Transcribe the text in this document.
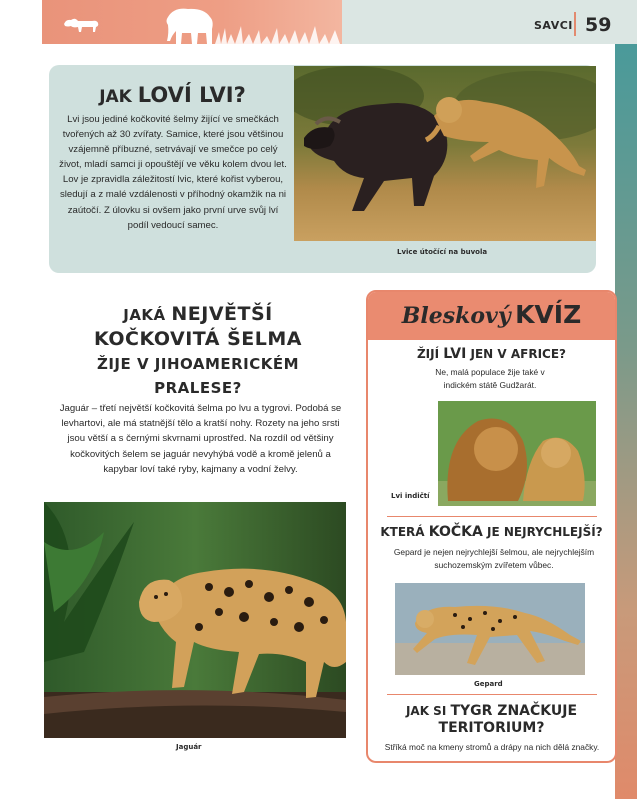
SAVCI 59
JAK LOVÍ LVI?
Lvi jsou jediné kočkovité šelmy žijící ve smečkách tvořených až 30 zvířaty. Samice, které jsou většinou vzájemně příbuzné, setrvávají ve smečce po celý život, mladí samci ji opouštějí ve věku kolem dvou let. Lov je zpravidla záležitostí lvic, které kořist vyberou, sledují a z malé vzdálenosti v příhodný okamžik na ni zaútočí. Z úlovku si ovšem jako první urve svůj lví podíl vedoucí samec.
Lvice útočící na buvola
JAKÁ NEJVĚTŠÍ
KOČKOVITÁ ŠELMA
ŽIJE V JIHOAMERICKÉM
PRALESE?
Jaguár – třetí největší kočkovitá šelma po lvu a tygrovi. Podobá se levhartovi, ale má statnější tělo a kratší nohy. Rozety na jeho srsti jsou větší a s černými skvrnami uprostřed. Na rozdíl od většiny kočkovitých šelem se jaguár nevyhýbá vodě a kromě jelenů a kapybar loví také ryby, kajmany a vodní želvy.
Jaguár
Bleskový KVÍZ
ŽIJÍ LVI JEN V AFRICE?
Ne, malá populace žije také v indickém státě Gudžarát.
Lvi indičtí
KTERÁ KOČKA JE NEJRYCHLEJŠÍ?
Gepard je nejen nejrychlejší šelmou, ale nejrychlejším suchozemským zvířetem vůbec.
Gepard
JAK SI TYGR ZNAČKUJE
TERITORIUM?
Stříká moč na kmeny stromů a drápy na nich dělá značky.
